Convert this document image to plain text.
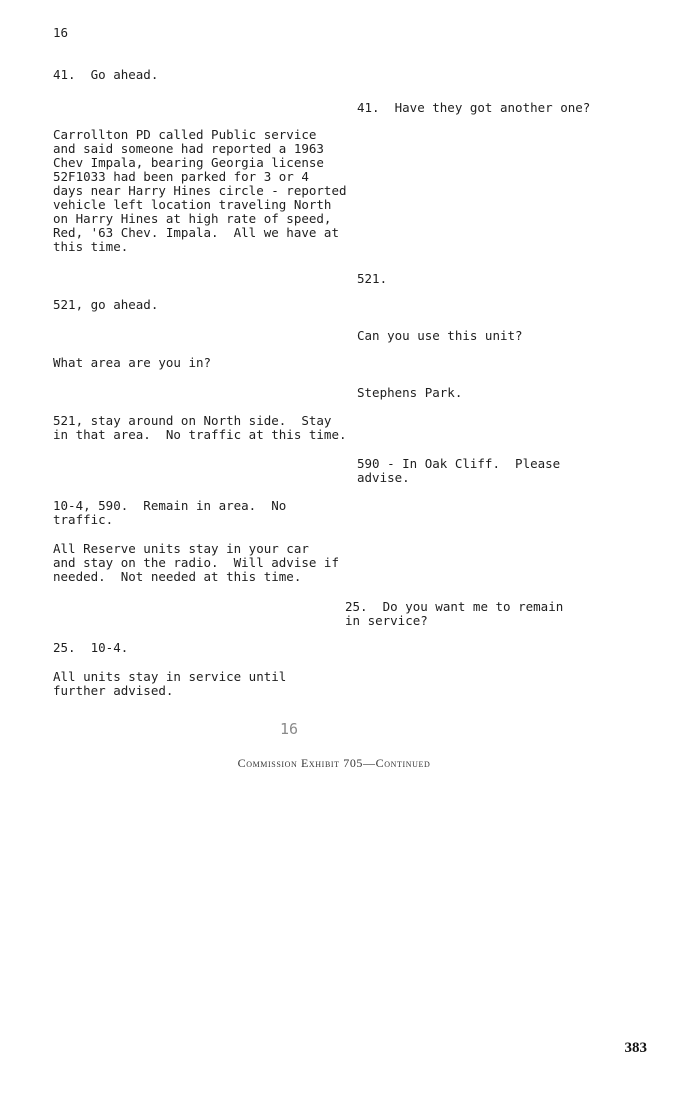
16
41.  Go ahead.
41.  Have they got another one?
Carrollton PD called Public service
and said someone had reported a 1963
Chev Impala, bearing Georgia license
52F1033 had been parked for 3 or 4
days near Harry Hines circle - reported
vehicle left location traveling North
on Harry Hines at high rate of speed,
Red, '63 Chev. Impala.  All we have at
this time.
521.
521, go ahead.
Can you use this unit?
What area are you in?
Stephens Park.
521, stay around on North side.  Stay
in that area.  No traffic at this time.
590 - In Oak Cliff.  Please
advise.
10-4, 590.  Remain in area.  No
traffic.
All Reserve units stay in your car
and stay on the radio.  Will advise if
needed.  Not needed at this time.
25.  Do you want me to remain
in service?
25.  10-4.
All units stay in service until
further advised.
16
Commission Exhibit 705—Continued
383
